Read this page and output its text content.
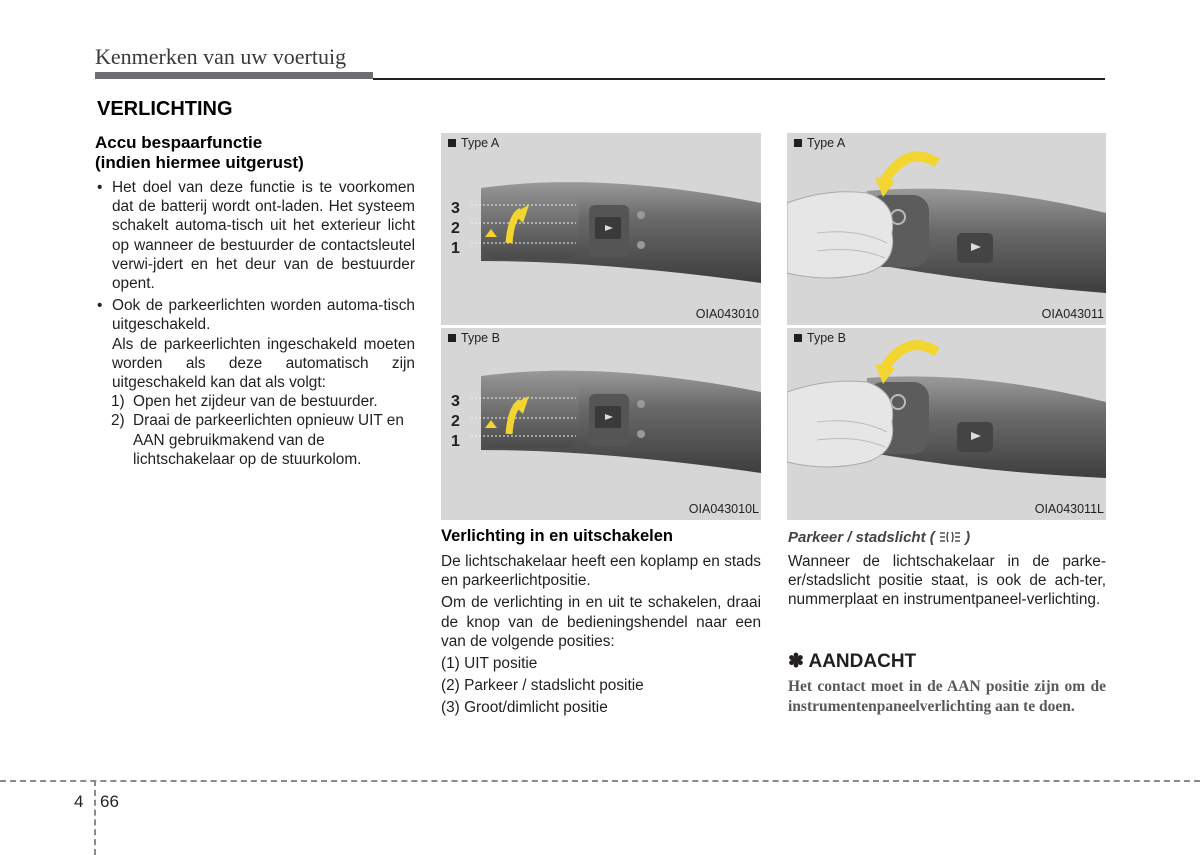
Kenmerken van uw voertuig
VERLICHTING
Accu bespaarfunctie
(indien hiermee uitgerust)
• Het doel van deze functie is te voorkomen dat de batterij wordt ont-laden. Het systeem schakelt automa-tisch uit het exterieur licht op wanneer de bestuurder de contactsleutel verwi-jdert en het deur van de bestuurder opent.
• Ook de parkeerlichten worden automa-tisch uitgeschakeld.
Als de parkeerlichten ingeschakeld moeten worden als deze automatisch zijn uitgeschakeld kan dat als volgt:
1) Open het zijdeur van de bestuurder.
2) Draai de parkeerlichten opnieuw UIT en AAN gebruikmakend van de lichtschakelaar op de stuurkolom.
3
2
1
Type A
OIA043010
3
2
1
Type B
OIA043010L
Type A
OIA043011
Type B
OIA043011L
Verlichting in en uitschakelen

De lichtschakelaar heeft een koplamp en stads en parkeerlichtpositie.

Om de verlichting in en uit te schakelen, draai de knop van de bedieningshendel naar een van de volgende posities:

(1) UIT positie
(2) Parkeer / stadslicht positie
(3) Groot/dimlicht positie
Parkeer / stadslicht ( )
Wanneer de lichtschakelaar in de parke-er/stadslicht positie staat, is ook de ach-ter, nummerplaat en instrumentpaneel-verlichting.
✽ AANDACHT
Het contact moet in de AAN positie zijn om de instrumentenpaneelverlichting aan te doen.
4 66
